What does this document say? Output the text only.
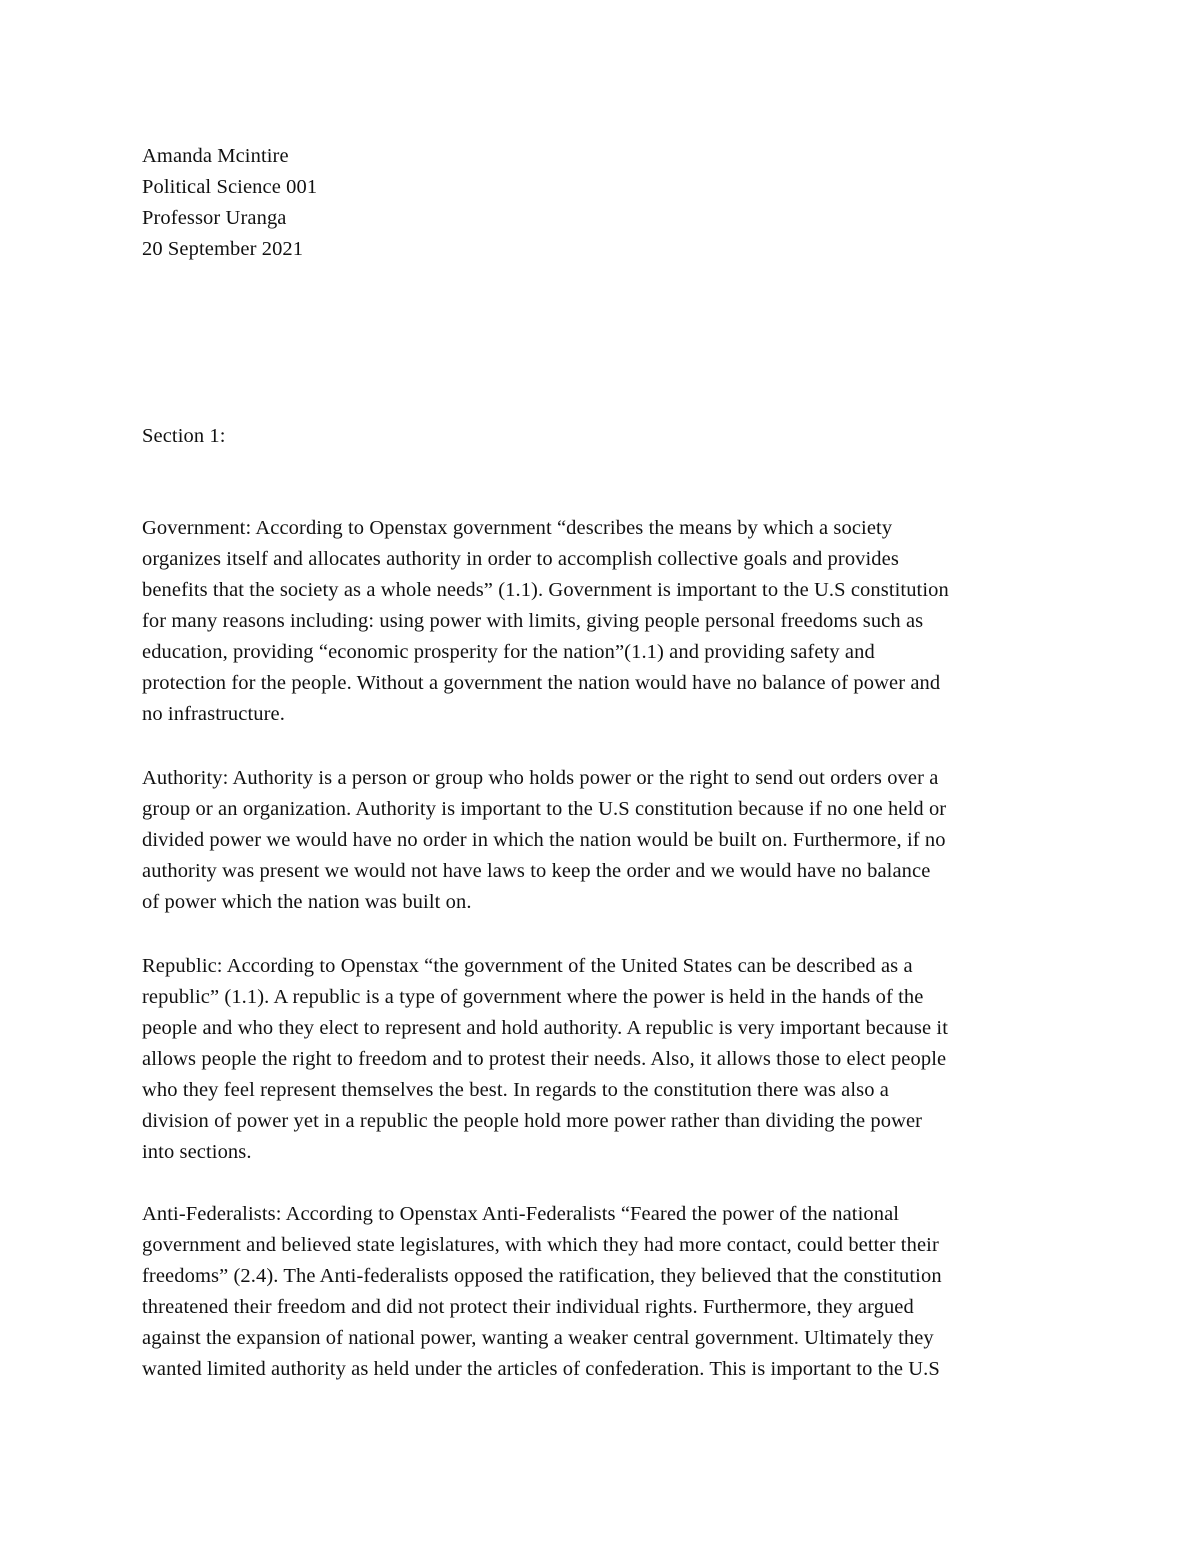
Amanda Mcintire
Political Science 001
Professor Uranga
20 September 2021
Section 1:
Government: According to Openstax government “describes the means by which a society
organizes itself and allocates authority in order to accomplish collective goals and provides
benefits that the society as a whole needs” (1.1). Government is important to the U.S constitution
for many reasons including: using power with limits, giving people personal freedoms such as
education, providing “economic prosperity for the nation”(1.1) and providing safety and
protection for the people. Without a government the nation would have no balance of power and
no infrastructure.
Authority: Authority is a person or group who holds power or the right to send out orders over a
group or an organization. Authority is important to the U.S constitution because if no one held or
divided power we would have no order in which the nation would be built on. Furthermore, if no
authority was present we would not have laws to keep the order and we would have no balance
of power which the nation was built on.
Republic: According to Openstax “the government of the United States can be described as a
republic” (1.1). A republic is a type of government where the power is held in the hands of the
people and who they elect to represent and hold authority. A republic is very important because it
allows people the right to freedom and to protest their needs. Also, it allows those to elect people
who they feel represent themselves the best. In regards to the constitution there was also a
division of power yet in a republic the people hold more power rather than dividing the power
into sections.
Anti-Federalists: According to Openstax Anti-Federalists “Feared the power of the national
government and believed state legislatures, with which they had more contact, could better their
freedoms” (2.4). The Anti-federalists opposed the ratification, they believed that the constitution
threatened their freedom and did not protect their individual rights. Furthermore, they argued
against the expansion of national power, wanting a weaker central government. Ultimately they
wanted limited authority as held under the articles of confederation. This is important to the U.S
